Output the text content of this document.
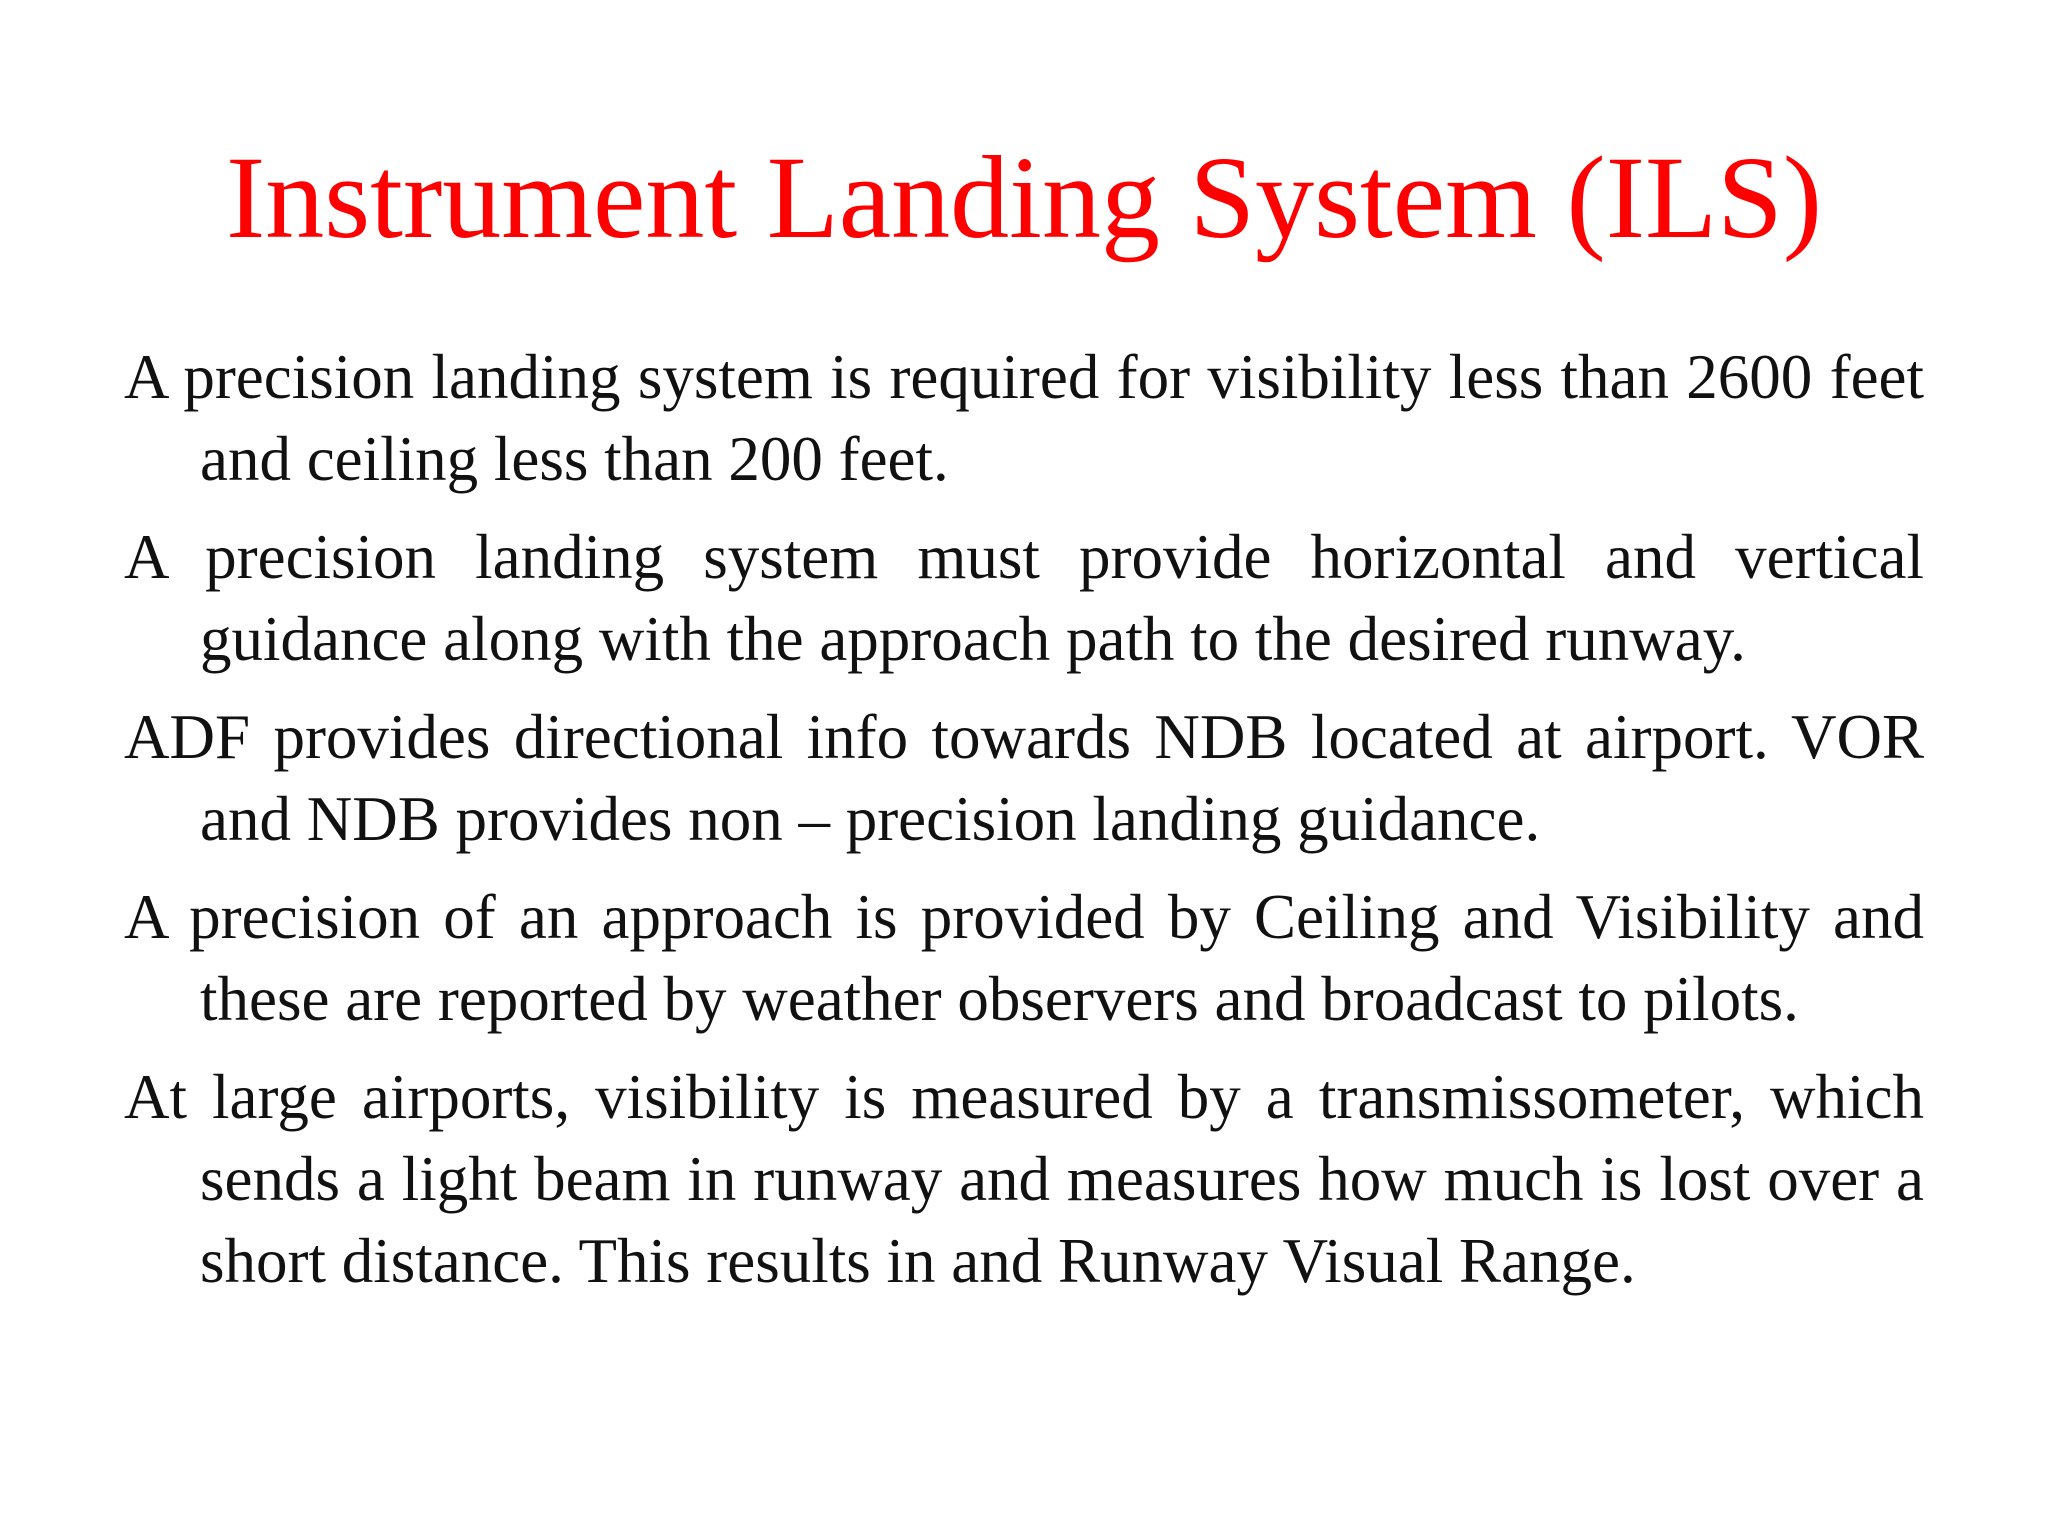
Instrument Landing System (ILS)
A precision landing system is required for visibility less than 2600 feet and ceiling less than 200 feet.
A precision landing system must provide horizontal and vertical guidance along with the approach path to the desired runway.
ADF provides directional info towards NDB located at airport. VOR and NDB provides non – precision landing guidance.
A precision of an approach is provided by Ceiling and Visibility and these are reported by weather observers and broadcast to pilots.
At large airports, visibility is measured by a transmissometer, which sends a light beam in runway and measures how much is lost over a short distance. This results in and Runway Visual Range.
